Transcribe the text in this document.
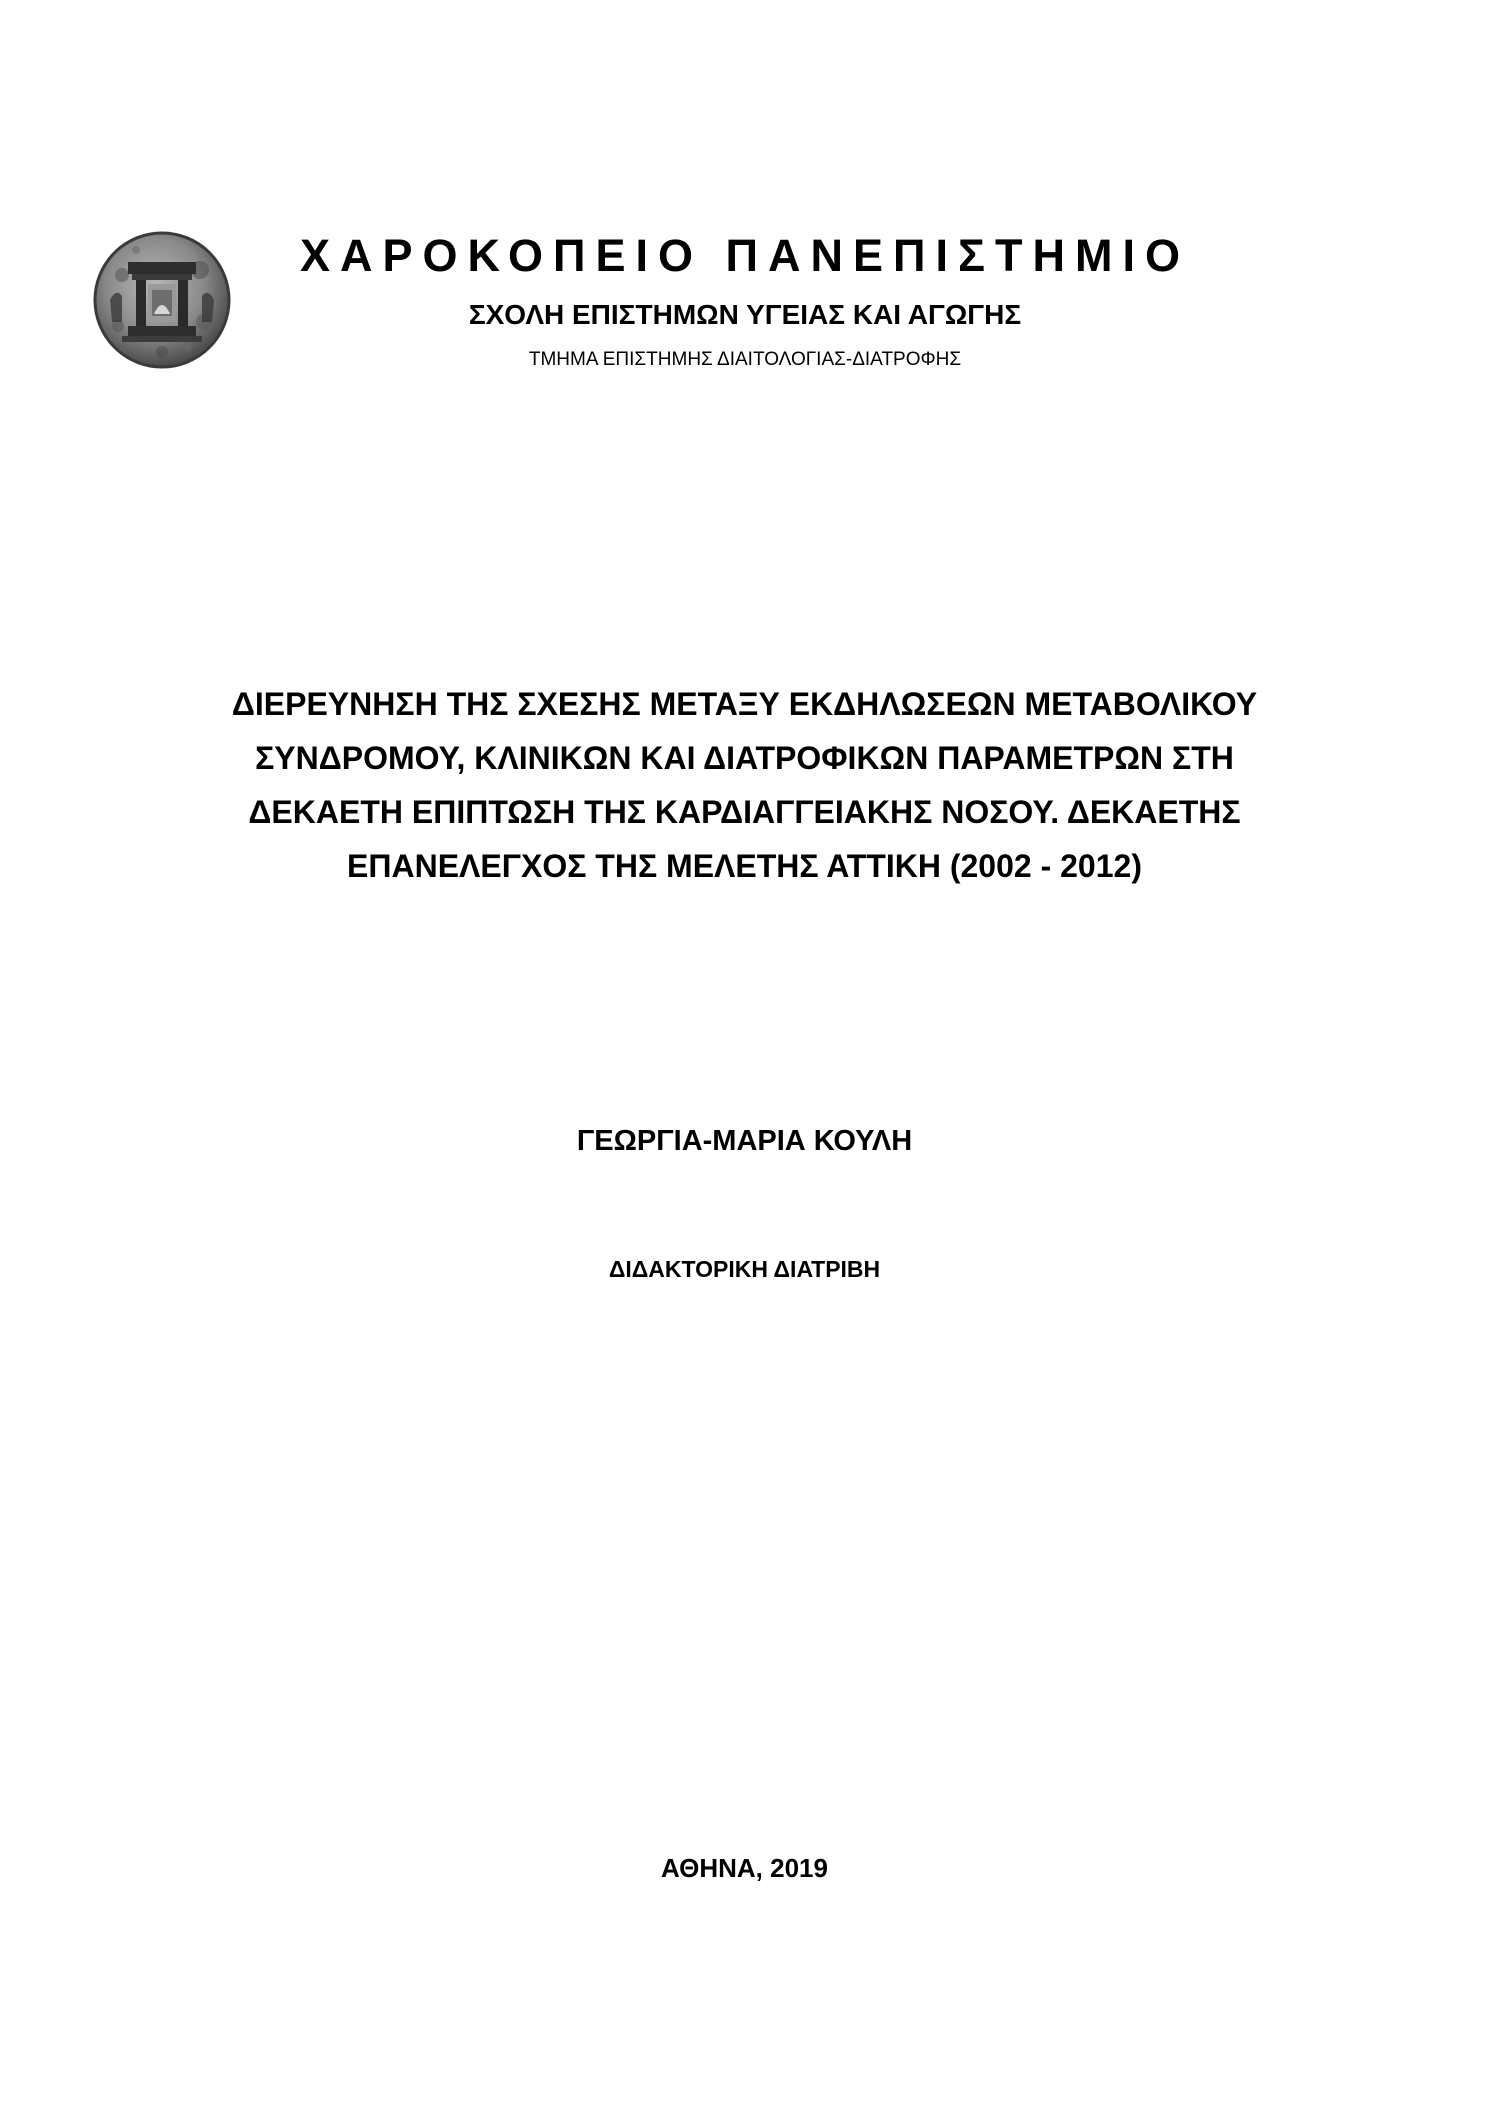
ΧΑΡΟΚΟΠΕΙΟ ΠΑΝΕΠΙΣΤΗΜΙΟ
ΣΧΟΛΗ ΕΠΙΣΤΗΜΩΝ ΥΓΕΙΑΣ ΚΑΙ ΑΓΩΓΗΣ
ΤΜΗΜΑ ΕΠΙΣΤΗΜΗΣ ΔΙΑΙΤΟΛΟΓΙΑΣ-ΔΙΑΤΡΟΦΗΣ
ΔΙΕΡΕΥΝΗΣΗ ΤΗΣ ΣΧΕΣΗΣ ΜΕΤΑΞΥ ΕΚΔΗΛΩΣΕΩΝ ΜΕΤΑΒΟΛΙΚΟΥ
ΣΥΝΔΡΟΜΟΥ, ΚΛΙΝΙΚΩΝ ΚΑΙ ΔΙΑΤΡΟΦΙΚΩΝ ΠΑΡΑΜΕΤΡΩΝ ΣΤΗ
ΔΕΚΑΕΤΗ ΕΠΙΠΤΩΣΗ ΤΗΣ ΚΑΡΔΙΑΓΓΕΙΑΚΗΣ ΝΟΣΟΥ. ΔΕΚΑΕΤΗΣ
ΕΠΑΝΕΛΕΓΧΟΣ ΤΗΣ ΜΕΛΕΤΗΣ ΑΤΤΙΚΗ (2002 - 2012)
ΓΕΩΡΓΙΑ-ΜΑΡΙΑ ΚΟΥΛΗ
ΔΙΔΑΚΤΟΡΙΚΗ ΔΙΑΤΡΙΒΗ
ΑΘΗΝΑ, 2019
